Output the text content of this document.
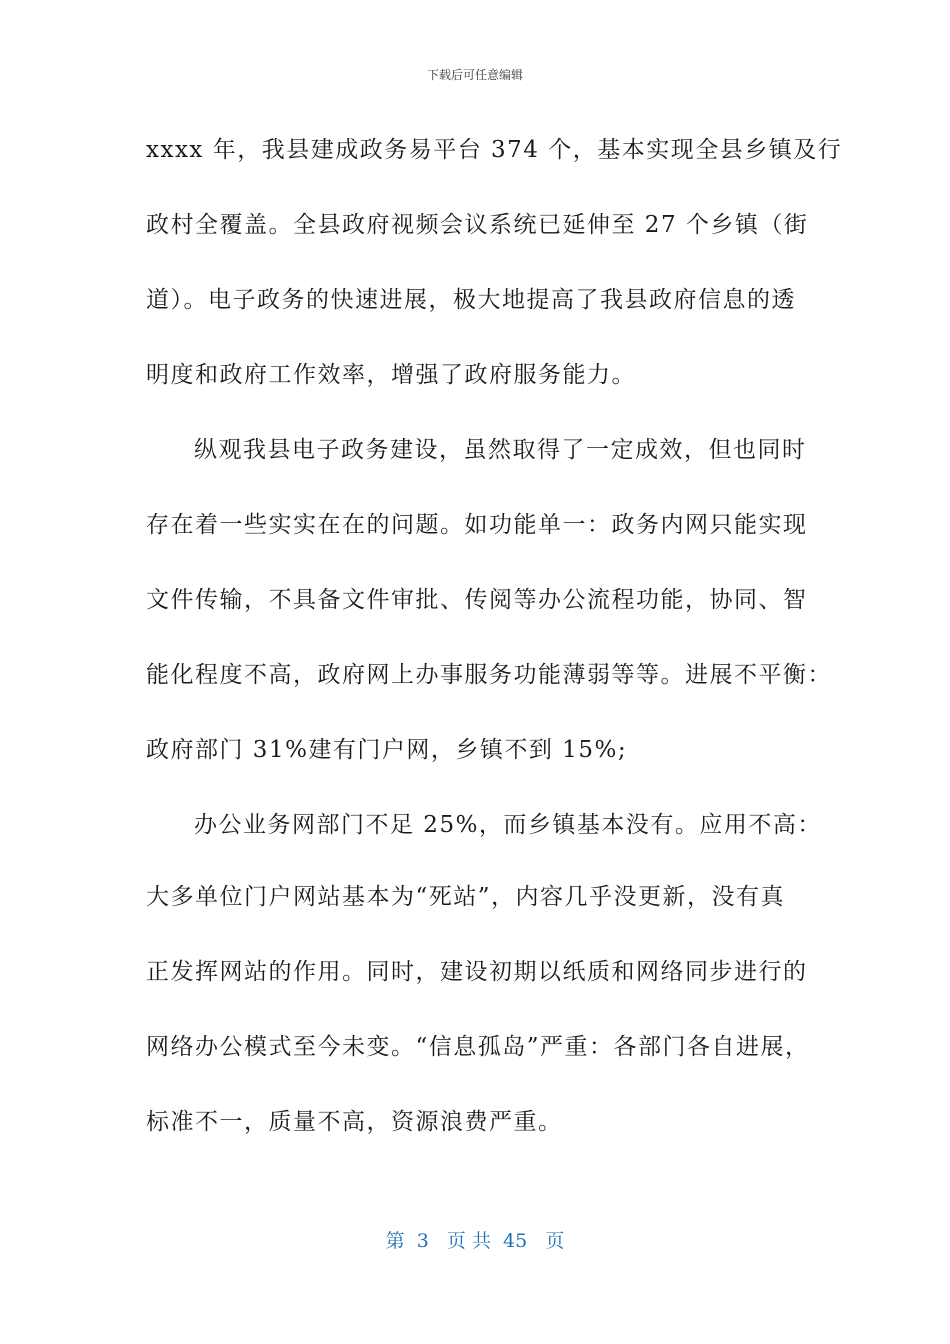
下载后可任意编辑
xxxx 年，我县建成政务易平台 374 个，基本实现全县乡镇及行
政村全覆盖。全县政府视频会议系统已延伸至 27 个乡镇（街
道）。电子政务的快速进展，极大地提高了我县政府信息的透
明度和政府工作效率，增强了政府服务能力。
纵观我县电子政务建设，虽然取得了一定成效，但也同时
存在着一些实实在在的问题。如功能单一：政务内网只能实现
文件传输，不具备文件审批、传阅等办公流程功能，协同、智
能化程度不高，政府网上办事服务功能薄弱等等。进展不平衡：
政府部门 31%建有门户网，乡镇不到 15%;
办公业务网部门不足 25%，而乡镇基本没有。应用不高：
大多单位门户网站基本为“死站”，内容几乎没更新，没有真
正发挥网站的作用。同时，建设初期以纸质和网络同步进行的
网络办公模式至今未变。“信息孤岛”严重：各部门各自进展，
标准不一，质量不高，资源浪费严重。
第  3   页 共  45   页
